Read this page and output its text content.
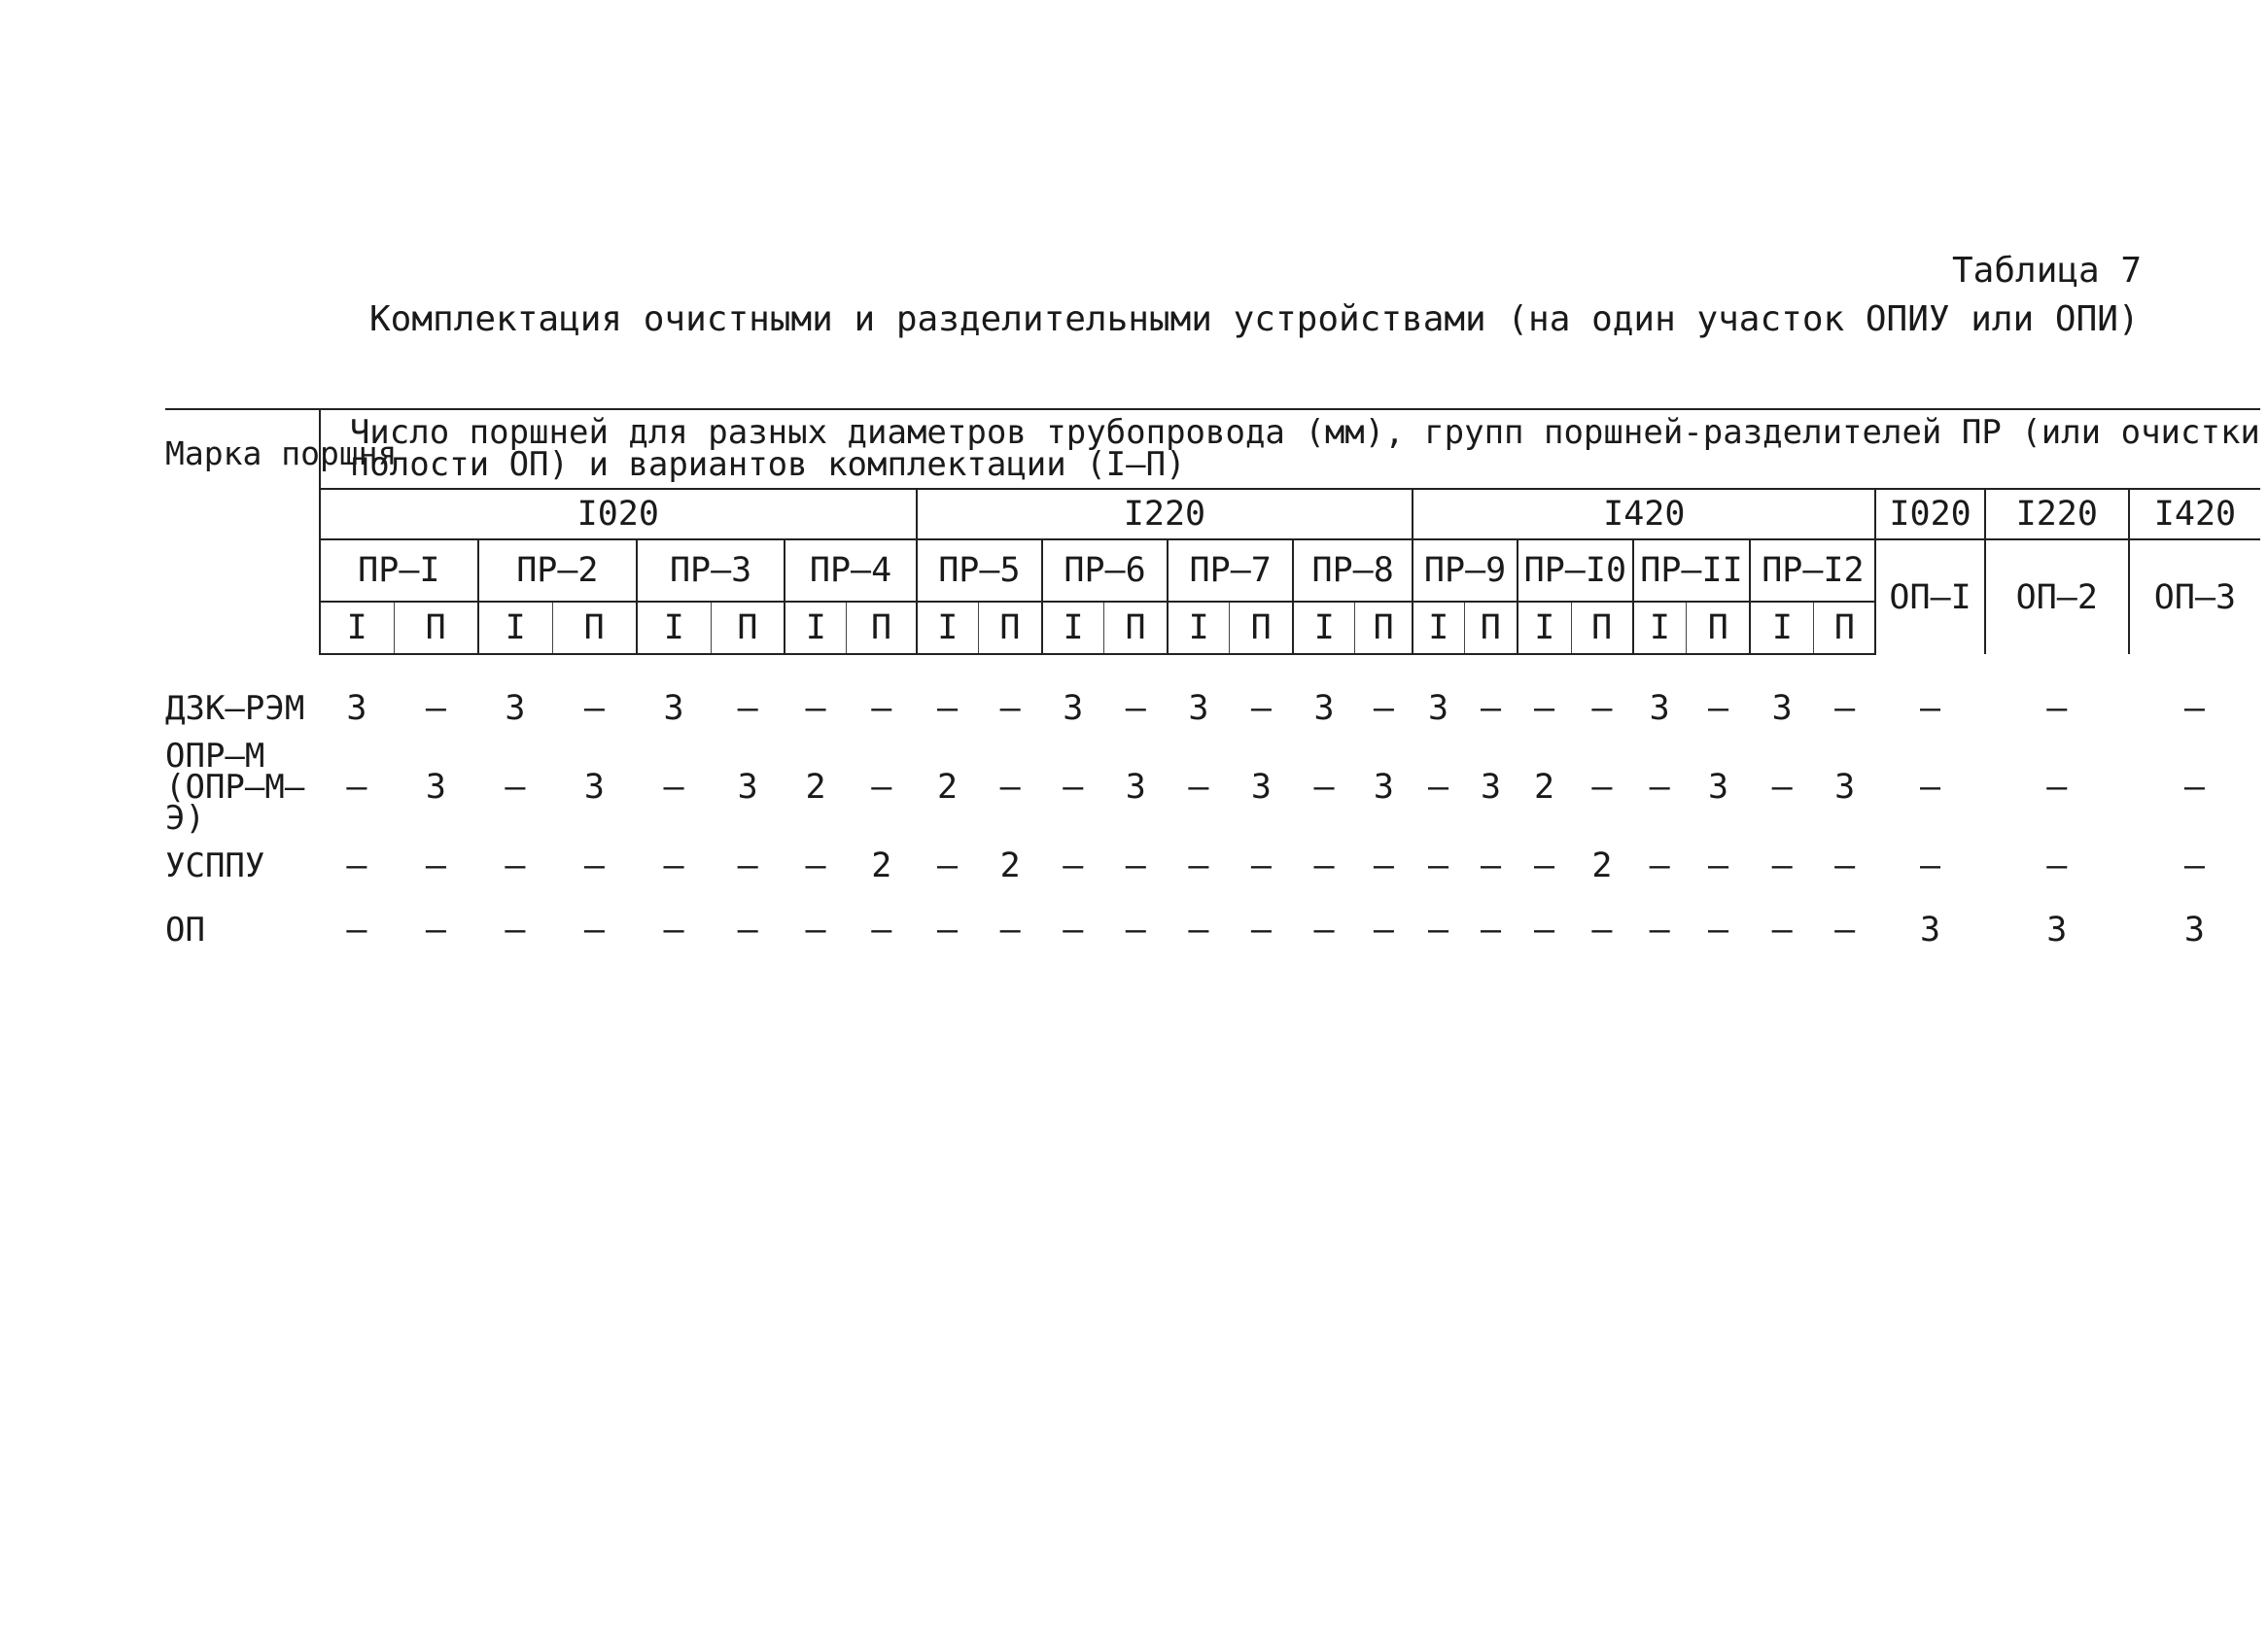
Таблица 7
Комплектация очистными и разделительными устройствами (на один участок ОПИУ или ОПИ)
Марка поршня	Число поршней для разных диаметров трубопровода (мм), групп поршней-разделителей ПР (или очистки полости ОП) и вариантов комплектации (I–П)																										
	I020								I220								I420								I020	I220	I420
	ПР–I		ПР–2		ПР–3		ПР–4		ПР–5		ПР–6		ПР–7		ПР–8		ПР–9		ПР–I0		ПР–II		ПР–I2		ОП–I	ОП–2	ОП–3
	I	П	I	П	I	П	I	П	I	П	I	П	I	П	I	П	I	П	I	П	I	П	I	П			
ДЗК–РЭМ	3	–	3	–	3	–	–	–	–	–	3	–	3	–	3	–	3	–	–	–	3	–	3	–	–	–	–
ОПР–М
(ОПР–М–Э)	–	3	–	3	–	3	2	–	2	–	–	3	–	3	–	3	–	3	2	–	–	3	–	3	–	–	–
УСППУ	–	–	–	–	–	–	–	2	–	2	–	–	–	–	–	–	–	–	–	2	–	–	–	–	–	–	–
ОП	–	–	–	–	–	–	–	–	–	–	–	–	–	–	–	–	–	–	–	–	–	–	–	–	3	3	3
